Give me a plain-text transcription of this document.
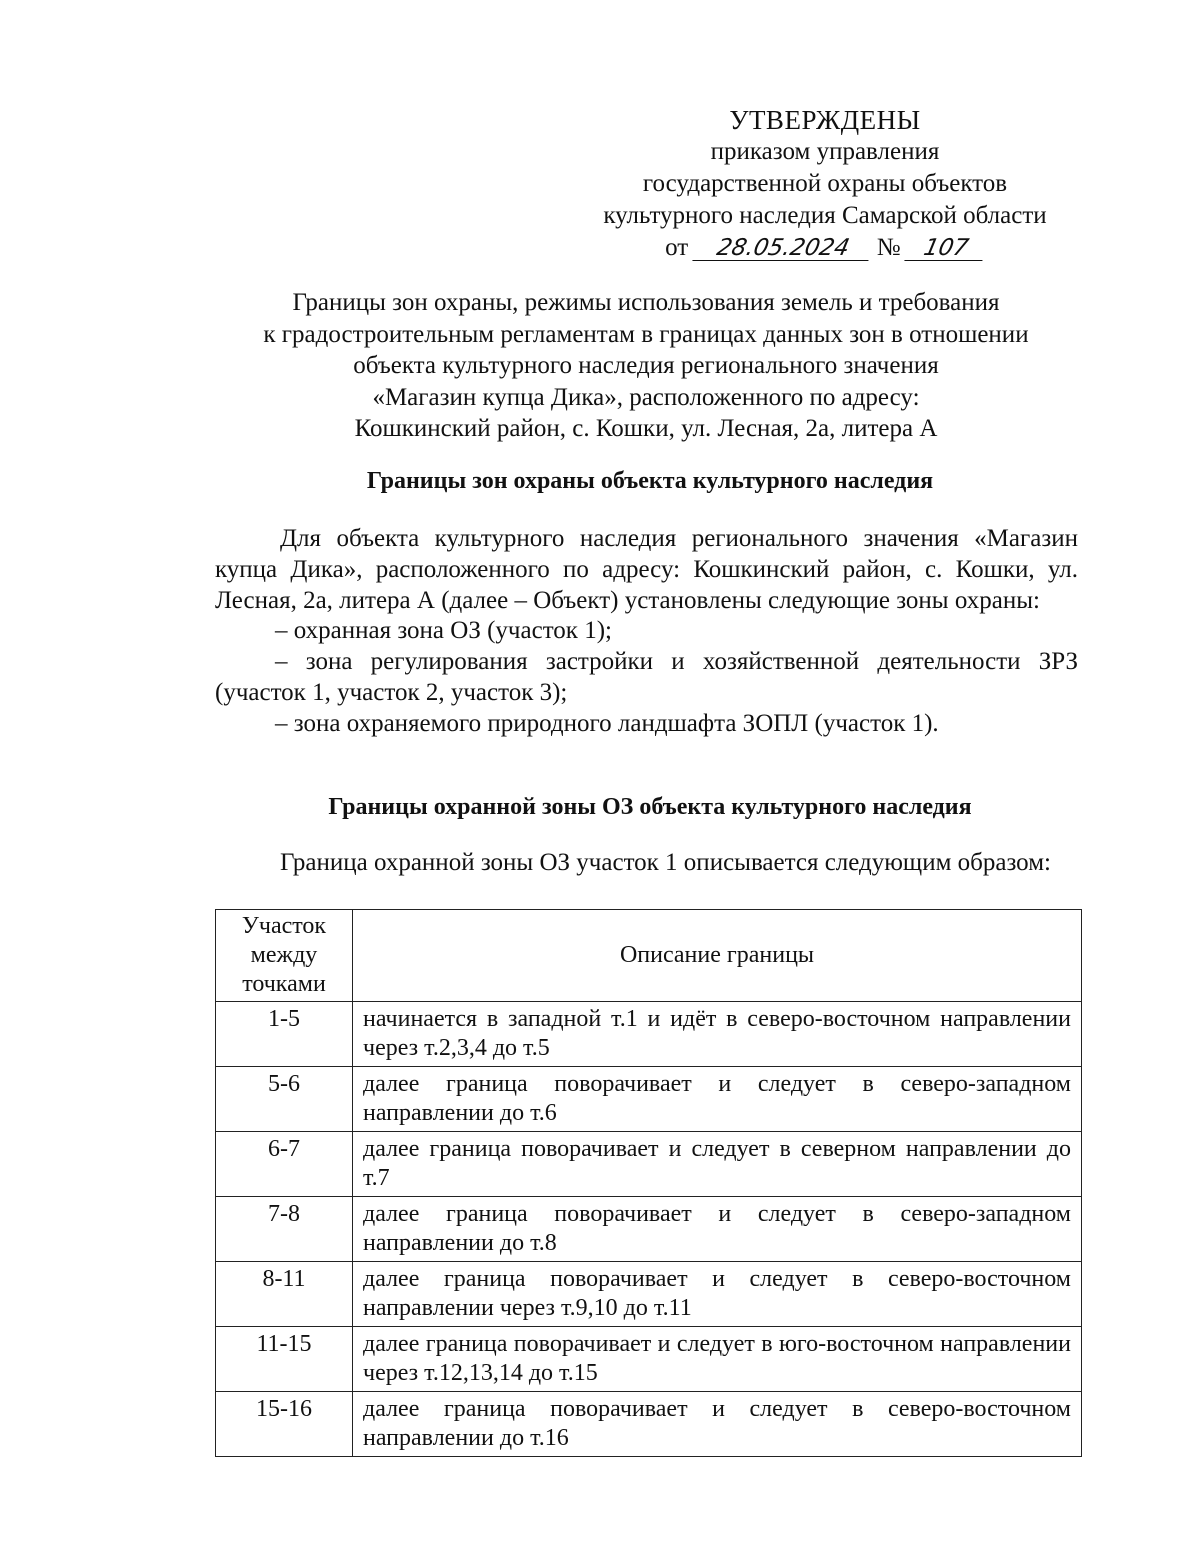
УТВЕРЖДЕНЫ
приказом управления
государственной охраны объектов
культурного наследия Самарской области
от 28.05.2024 № 107
Границы зон охраны, режимы использования земель и требования
к градостроительным регламентам в границах данных зон в отношении
объекта культурного наследия регионального значения
«Магазин купца Дика», расположенного по адресу:
Кошкинский район, с. Кошки, ул. Лесная, 2а, литера А
Границы зон охраны объекта культурного наследия

Для объекта культурного наследия регионального значения «Магазин купца Дика», расположенного по адресу: Кошкинский район, с. Кошки, ул. Лесная, 2а, литера А (далее – Объект) установлены следующие зоны охраны:

– охранная зона ОЗ (участок 1);

– зона регулирования застройки и хозяйственной деятельности ЗРЗ (участок 1, участок 2, участок 3);

– зона охраняемого природного ландшафта ЗОПЛ (участок 1).

Границы охранной зоны ОЗ объекта культурного наследия

Граница охранной зоны ОЗ участок 1 описывается следующим образом:

Участок между точками	Описание границы
1-5	начинается в западной т.1 и идёт в северо-восточном направлении через т.2,3,4 до т.5
5-6	далее граница поворачивает и следует в северо-западном направлении до т.6
6-7	далее граница поворачивает и следует в северном направлении до т.7
7-8	далее граница поворачивает и следует в северо-западном направлении до т.8
8-11	далее граница поворачивает и следует в северо-восточном направлении через т.9,10 до т.11
11-15	далее граница поворачивает и следует в юго-восточном направлении через т.12,13,14 до т.15
15-16	далее граница поворачивает и следует в северо-восточном направлении до т.16
